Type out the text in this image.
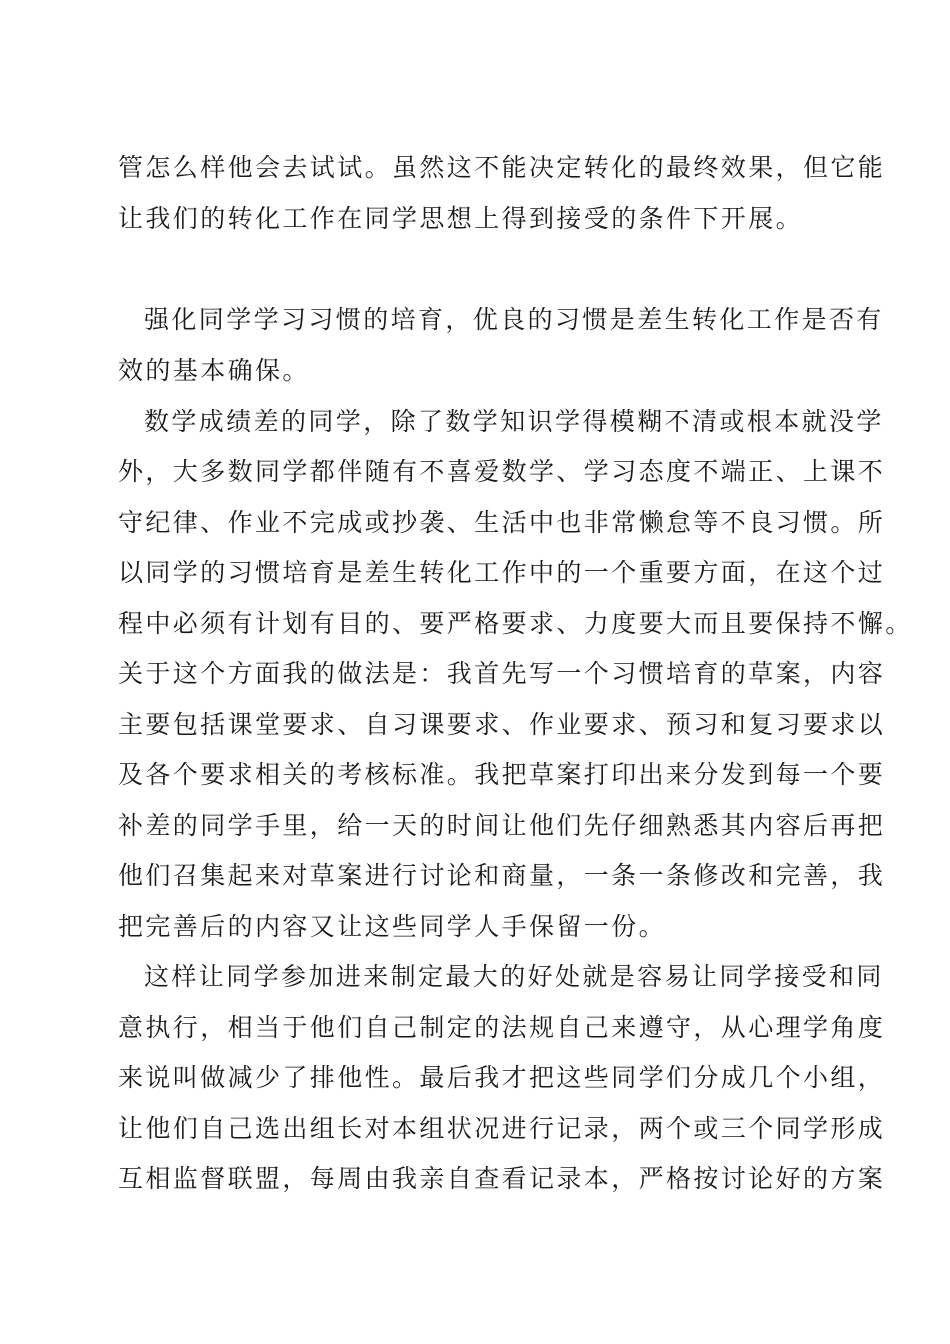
管怎么样他会去试试。虽然这不能决定转化的最终效果，但它能
让我们的转化工作在同学思想上得到接受的条件下开展。
强化同学学习习惯的培育，优良的习惯是差生转化工作是否有
效的基本确保。
数学成绩差的同学，除了数学知识学得模糊不清或根本就没学
外，大多数同学都伴随有不喜爱数学、学习态度不端正、上课不
守纪律、作业不完成或抄袭、生活中也非常懒怠等不良习惯。所
以同学的习惯培育是差生转化工作中的一个重要方面，在这个过
程中必须有计划有目的、要严格要求、力度要大而且要保持不懈。
关于这个方面我的做法是：我首先写一个习惯培育的草案，内容
主要包括课堂要求、自习课要求、作业要求、预习和复习要求以
及各个要求相关的考核标准。我把草案打印出来分发到每一个要
补差的同学手里，给一天的时间让他们先仔细熟悉其内容后再把
他们召集起来对草案进行讨论和商量，一条一条修改和完善，我
把完善后的内容又让这些同学人手保留一份。
这样让同学参加进来制定最大的好处就是容易让同学接受和同
意执行，相当于他们自己制定的法规自己来遵守，从心理学角度
来说叫做减少了排他性。最后我才把这些同学们分成几个小组，
让他们自己选出组长对本组状况进行记录，两个或三个同学形成
互相监督联盟，每周由我亲自查看记录本，严格按讨论好的方案
